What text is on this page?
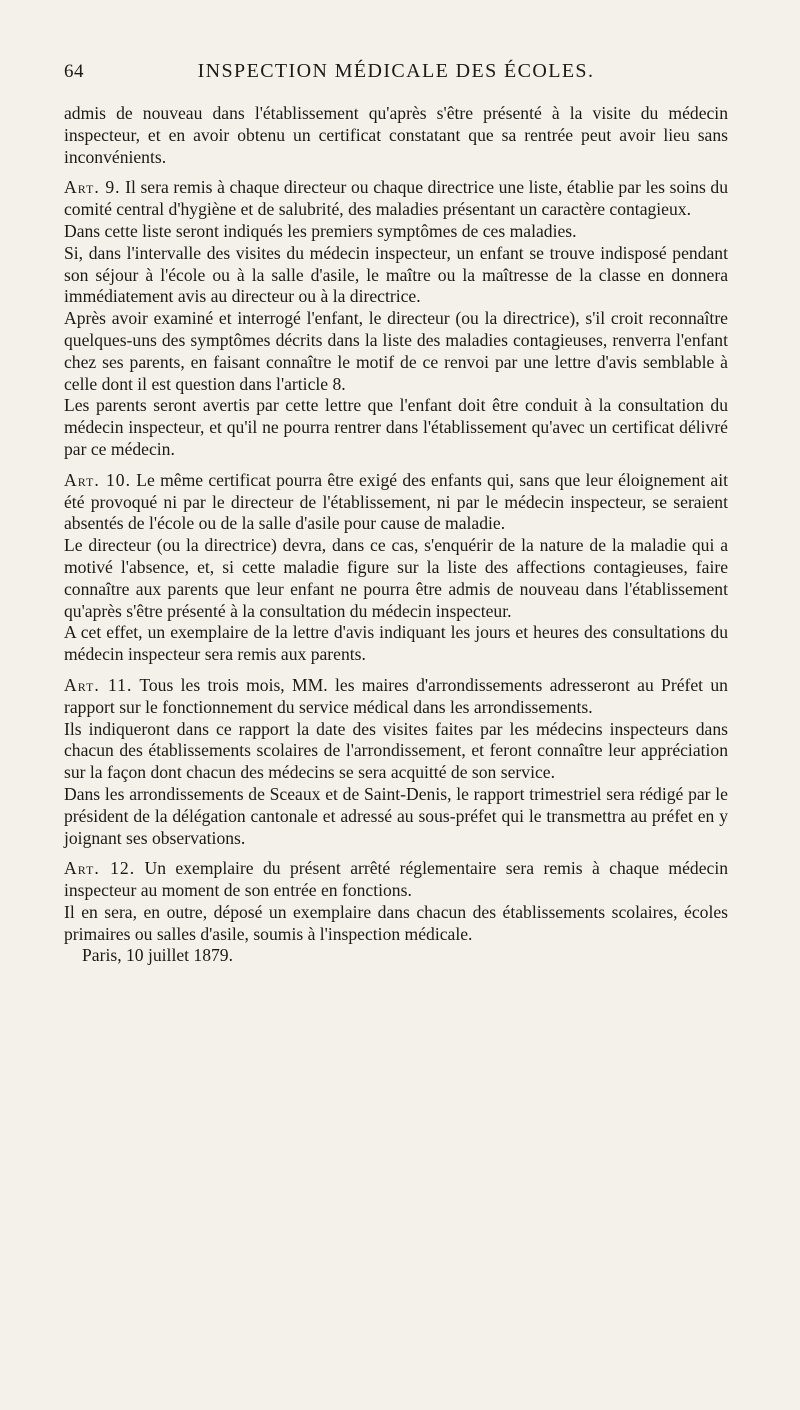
64	INSPECTION MÉDICALE DES ÉCOLES.

admis de nouveau dans l'établissement qu'après s'être présenté à la visite du médecin inspecteur, et en avoir obtenu un certificat constatant que sa rentrée peut avoir lieu sans inconvénients.

Art. 9. Il sera remis à chaque directeur ou chaque directrice une liste, établie par les soins du comité central d'hygiène et de salubrité, des maladies présentant un caractère contagieux.

Dans cette liste seront indiqués les premiers symptômes de ces maladies.

Si, dans l'intervalle des visites du médecin inspecteur, un enfant se trouve indisposé pendant son séjour à l'école ou à la salle d'asile, le maître ou la maîtresse de la classe en donnera immédiatement avis au directeur ou à la directrice.

Après avoir examiné et interrogé l'enfant, le directeur (ou la directrice), s'il croit reconnaître quelques-uns des symptômes décrits dans la liste des maladies contagieuses, renverra l'enfant chez ses parents, en faisant connaître le motif de ce renvoi par une lettre d'avis semblable à celle dont il est question dans l'article 8.

Les parents seront avertis par cette lettre que l'enfant doit être conduit à la consultation du médecin inspecteur, et qu'il ne pourra rentrer dans l'établissement qu'avec un certificat délivré par ce médecin.

Art. 10. Le même certificat pourra être exigé des enfants qui, sans que leur éloignement ait été provoqué ni par le directeur de l'établissement, ni par le médecin inspecteur, se seraient absentés de l'école ou de la salle d'asile pour cause de maladie.

Le directeur (ou la directrice) devra, dans ce cas, s'enquérir de la nature de la maladie qui a motivé l'absence, et, si cette maladie figure sur la liste des affections contagieuses, faire connaître aux parents que leur enfant ne pourra être admis de nouveau dans l'établissement qu'après s'être présenté à la consultation du médecin inspecteur.

A cet effet, un exemplaire de la lettre d'avis indiquant les jours et heures des consultations du médecin inspecteur sera remis aux parents.

Art. 11. Tous les trois mois, MM. les maires d'arrondissements adresseront au Préfet un rapport sur le fonctionnement du service médical dans les arrondissements.

Ils indiqueront dans ce rapport la date des visites faites par les médecins inspecteurs dans chacun des établissements scolaires de l'arrondissement, et feront connaître leur appréciation sur la façon dont chacun des médecins se sera acquitté de son service.

Dans les arrondissements de Sceaux et de Saint-Denis, le rapport trimestriel sera rédigé par le président de la délégation cantonale et adressé au sous-préfet qui le transmettra au préfet en y joignant ses observations.

Art. 12. Un exemplaire du présent arrêté réglementaire sera remis à chaque médecin inspecteur au moment de son entrée en fonctions.

Il en sera, en outre, déposé un exemplaire dans chacun des établissements scolaires, écoles primaires ou salles d'asile, soumis à l'inspection médicale.

Paris, 10 juillet 1879.
